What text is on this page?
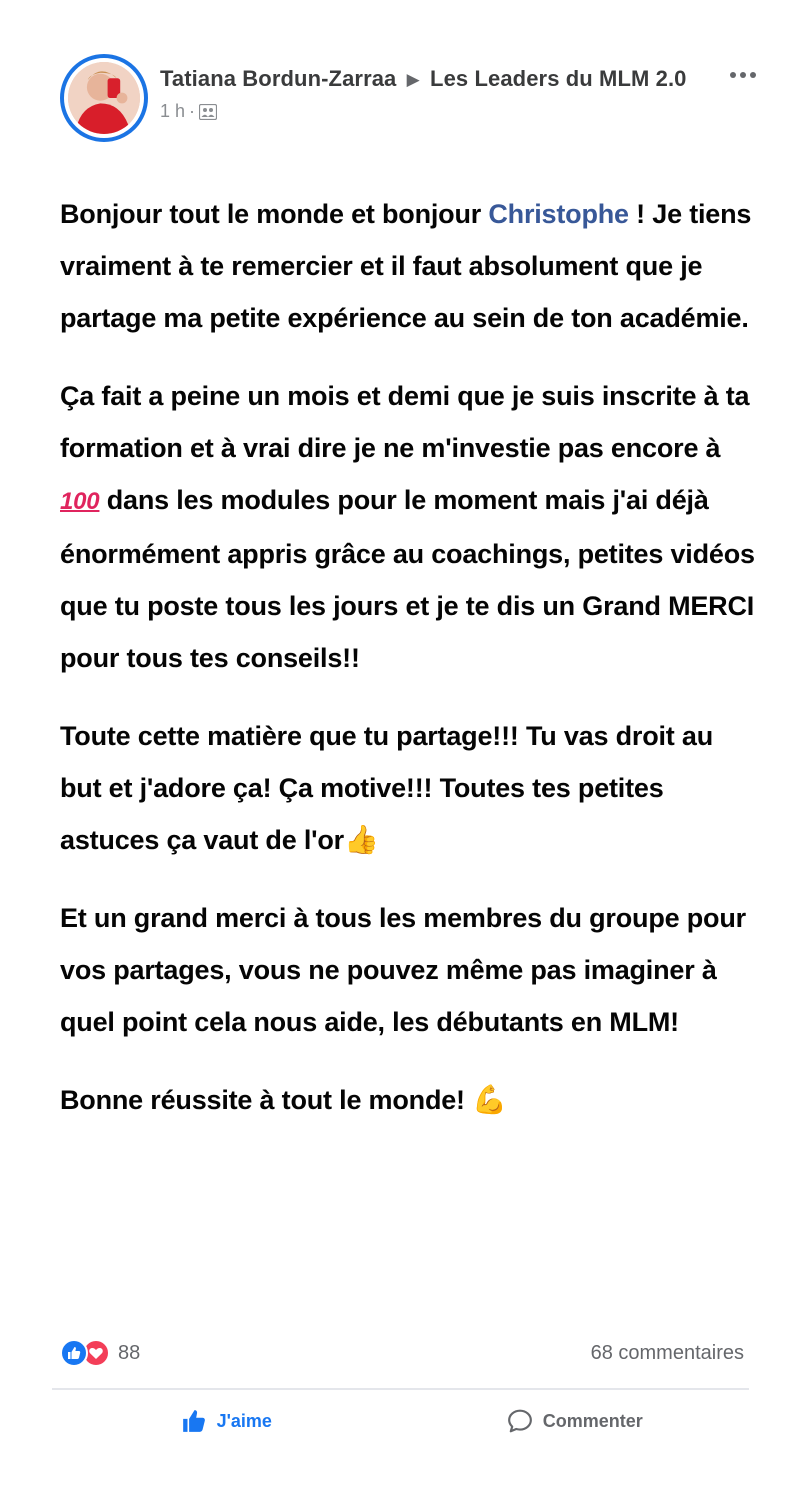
Tatiana Bordun-Zarraa ▶ Les Leaders du MLM 2.0
1 h ·

Bonjour tout le monde et bonjour Christophe ! Je tiens vraiment à te remercier et il faut absolument que je partage ma petite expérience au sein de ton académie.

Ça fait a peine un mois et demi que je suis inscrite à ta formation et à vrai dire je ne m'investie pas encore à 100 dans les modules pour le moment mais j'ai déjà énormément appris grâce au coachings, petites vidéos que tu poste tous les jours et je te dis un Grand MERCI pour tous tes conseils!!

Toute cette matière que tu partage!!! Tu vas droit au but et j'adore ça! Ça motive!!! Toutes tes petites astuces ça vaut de l'or👍

Et un grand merci à tous les membres du groupe pour vos partages, vous ne pouvez même pas imaginer à quel point cela nous aide, les débutants en MLM!

Bonne réussite à tout le monde! 💪

88	68 commentaires
J'aime	Commenter
